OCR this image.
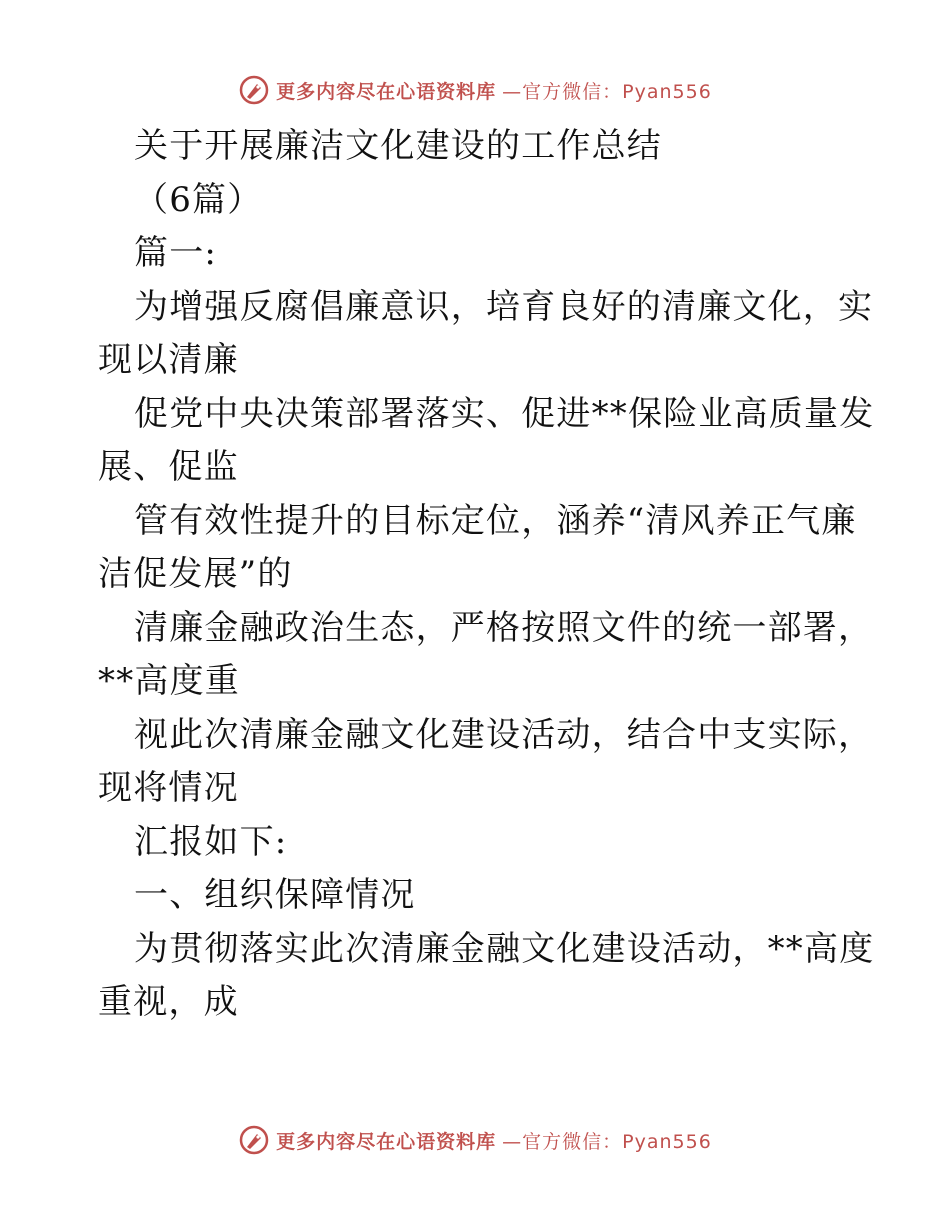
更多内容尽在心语资料库 —官方微信：Pyan556
关于开展廉洁文化建设的工作总结
（6篇）
篇一:
为增强反腐倡廉意识，培育良好的清廉文化，实
现以清廉
促党中央决策部署落实、促进**保险业高质量发
展、促监
管有效性提升的目标定位，涵养“清风养正气廉
洁促发展”的
清廉金融政治生态，严格按照文件的统一部署，
**高度重
视此次清廉金融文化建设活动，结合中支实际，
现将情况
汇报如下:
一、组织保障情况
为贯彻落实此次清廉金融文化建设活动，**高度
重视，成
更多内容尽在心语资料库 —官方微信：Pyan556
